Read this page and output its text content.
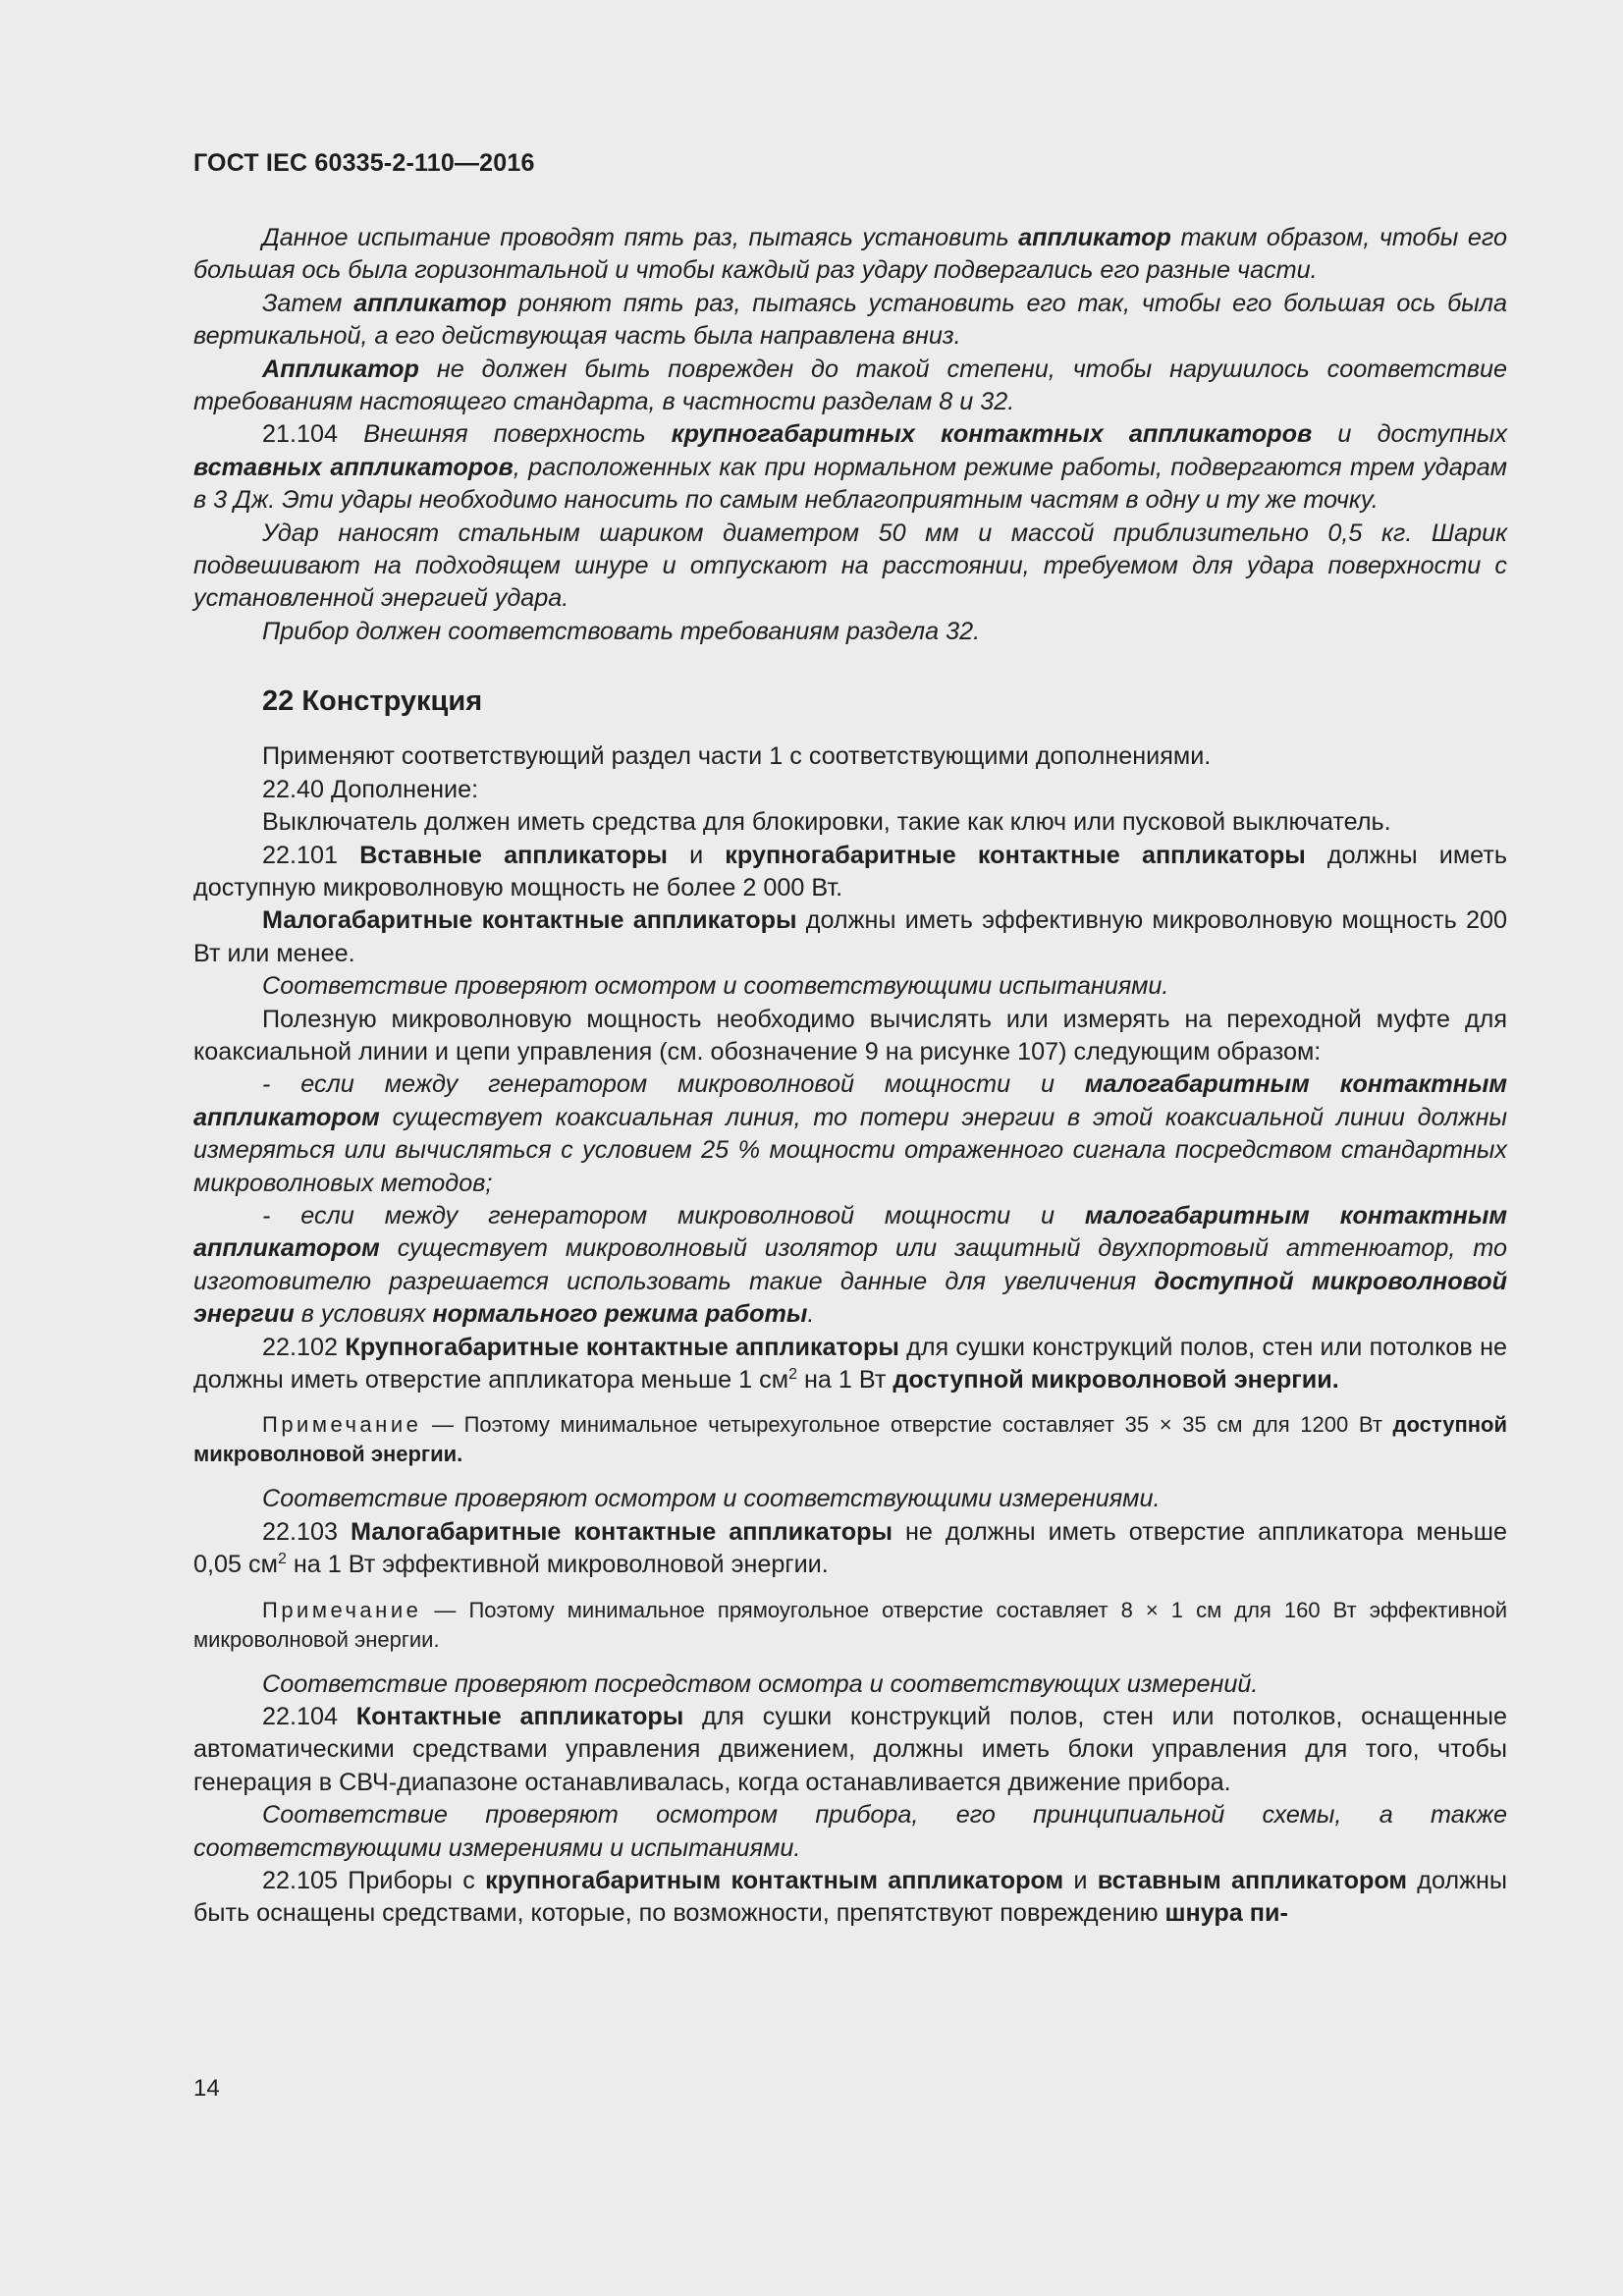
ГОСТ IEC 60335-2-110—2016

Данное испытание проводят пять раз, пытаясь установить аппликатор таким образом, чтобы его большая ось была горизонтальной и чтобы каждый раз удару подвергались его разные части.

Затем аппликатор роняют пять раз, пытаясь установить его так, чтобы его большая ось была вертикальной, а его действующая часть была направлена вниз.

Аппликатор не должен быть поврежден до такой степени, чтобы нарушилось соответствие требованиям настоящего стандарта, в частности разделам 8 и 32.

21.104 Внешняя поверхность крупногабаритных контактных аппликаторов и доступных вставных аппликаторов, расположенных как при нормальном режиме работы, подвергаются трем ударам в 3 Дж. Эти удары необходимо наносить по самым неблагоприятным частям в одну и ту же точку.

Удар наносят стальным шариком диаметром 50 мм и массой приблизительно 0,5 кг. Шарик подвешивают на подходящем шнуре и отпускают на расстоянии, требуемом для удара поверхности с установленной энергией удара.

Прибор должен соответствовать требованиям раздела 32.

22 Конструкция

Применяют соответствующий раздел части 1 с соответствующими дополнениями.

22.40 Дополнение:

Выключатель должен иметь средства для блокировки, такие как ключ или пусковой выключатель.

22.101 Вставные аппликаторы и крупногабаритные контактные аппликаторы должны иметь доступную микроволновую мощность не более 2 000 Вт.

Малогабаритные контактные аппликаторы должны иметь эффективную микроволновую мощность 200 Вт или менее.

Соответствие проверяют осмотром и соответствующими испытаниями.

Полезную микроволновую мощность необходимо вычислять или измерять на переходной муфте для коаксиальной линии и цепи управления (см. обозначение 9 на рисунке 107) следующим образом:

- если между генератором микроволновой мощности и малогабаритным контактным аппликатором существует коаксиальная линия, то потери энергии в этой коаксиальной линии должны измеряться или вычисляться с условием 25 % мощности отраженного сигнала посредством стандартных микроволновых методов;

- если между генератором микроволновой мощности и малогабаритным контактным аппликатором существует микроволновый изолятор или защитный двухпортовый аттенюатор, то изготовителю разрешается использовать такие данные для увеличения доступной микроволновой энергии в условиях нормального режима работы.

22.102 Крупногабаритные контактные аппликаторы для сушки конструкций полов, стен или потолков не должны иметь отверстие аппликатора меньше 1 $см^2$ на 1 Вт доступной микроволновой энергии.

Примечание — Поэтому минимальное четырехугольное отверстие составляет 35 × 35 см для 1200 Вт доступной микроволновой энергии.

Соответствие проверяют осмотром и соответствующими измерениями.

22.103 Малогабаритные контактные аппликаторы не должны иметь отверстие аппликатора меньше 0,05 $см^2$ на 1 Вт эффективной микроволновой энергии.

Примечание — Поэтому минимальное прямоугольное отверстие составляет 8 × 1 см для 160 Вт эффективной микроволновой энергии.

Соответствие проверяют посредством осмотра и соответствующих измерений.

22.104 Контактные аппликаторы для сушки конструкций полов, стен или потолков, оснащенные автоматическими средствами управления движением, должны иметь блоки управления для того, чтобы генерация в СВЧ-диапазоне останавливалась, когда останавливается движение прибора.

Соответствие проверяют осмотром прибора, его принципиальной схемы, а также соответствующими измерениями и испытаниями.

22.105 Приборы с крупногабаритным контактным аппликатором и вставным аппликатором должны быть оснащены средствами, которые, по возможности, препятствуют повреждению шнура пи-

14
